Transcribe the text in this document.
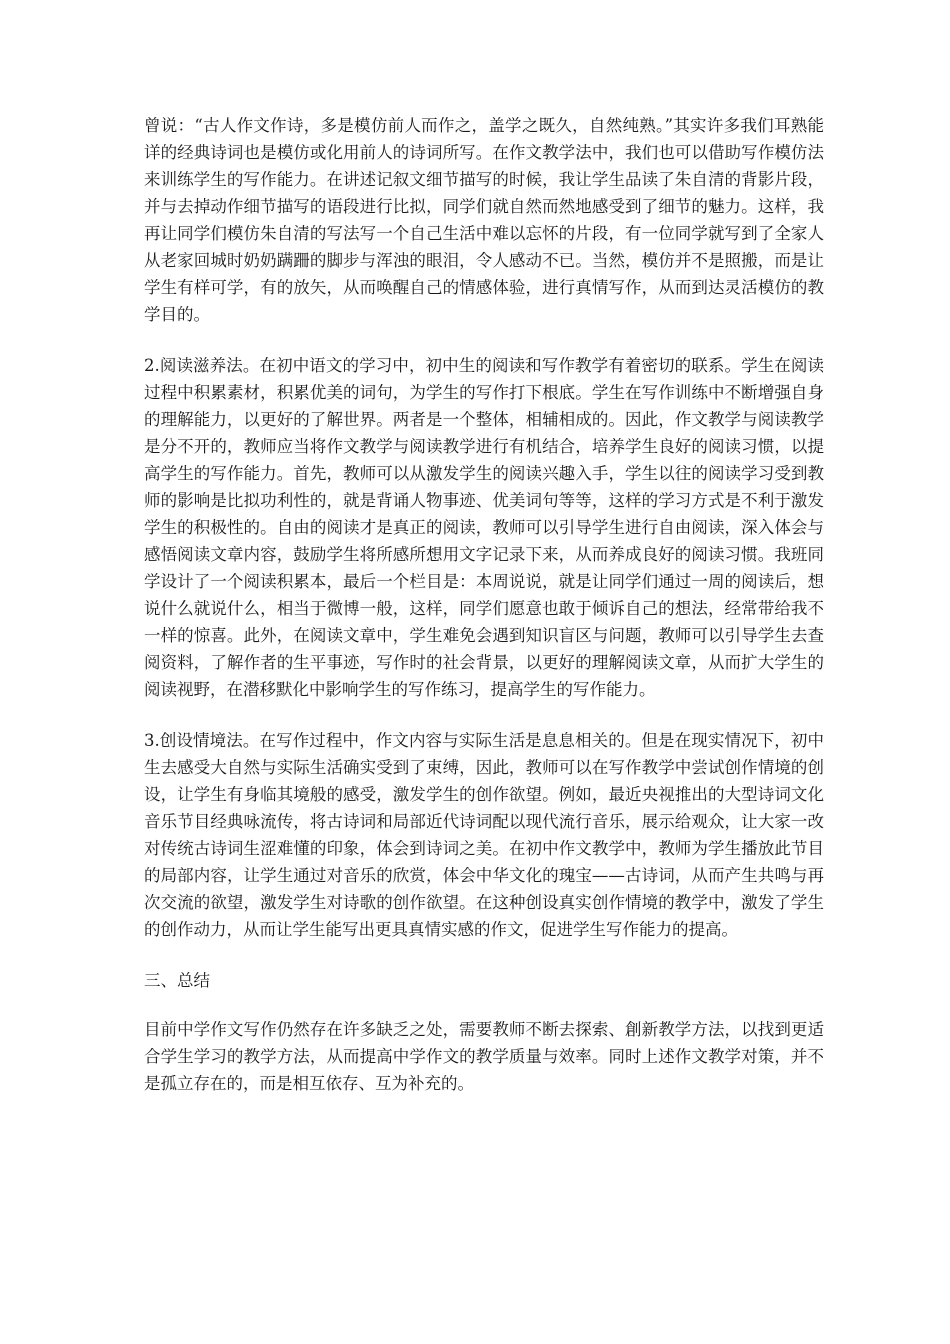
曾说：“古人作文作诗，多是模仿前人而作之，盖学之既久，自然纯熟。”其实许多我们耳熟能详的经典诗词也是模仿或化用前人的诗词所写。在作文教学法中，我们也可以借助写作模仿法来训练学生的写作能力。在讲述记叙文细节描写的时候，我让学生品读了朱自清的背影片段，并与去掉动作细节描写的语段进行比拟，同学们就自然而然地感受到了细节的魅力。这样，我再让同学们模仿朱自清的写法写一个自己生活中难以忘怀的片段，有一位同学就写到了全家人从老家回城时奶奶蹒跚的脚步与浑浊的眼泪，令人感动不已。当然，模仿并不是照搬，而是让学生有样可学，有的放矢，从而唤醒自己的情感体验，进行真情写作，从而到达灵活模仿的教学目的。

2.阅读滋养法。在初中语文的学习中，初中生的阅读和写作教学有着密切的联系。学生在阅读过程中积累素材，积累优美的词句，为学生的写作打下根底。学生在写作训练中不断增强自身的理解能力，以更好的了解世界。两者是一个整体，相辅相成的。因此，作文教学与阅读教学是分不开的，教师应当将作文教学与阅读教学进行有机结合，培养学生良好的阅读习惯，以提高学生的写作能力。首先，教师可以从激发学生的阅读兴趣入手，学生以往的阅读学习受到教师的影响是比拟功利性的，就是背诵人物事迹、优美词句等等，这样的学习方式是不利于激发学生的积极性的。自由的阅读才是真正的阅读，教师可以引导学生进行自由阅读，深入体会与感悟阅读文章内容，鼓励学生将所感所想用文字记录下来，从而养成良好的阅读习惯。我班同学设计了一个阅读积累本，最后一个栏目是：本周说说，就是让同学们通过一周的阅读后，想说什么就说什么，相当于微博一般，这样，同学们愿意也敢于倾诉自己的想法，经常带给我不一样的惊喜。此外，在阅读文章中，学生难免会遇到知识盲区与问题，教师可以引导学生去查阅资料，了解作者的生平事迹，写作时的社会背景，以更好的理解阅读文章，从而扩大学生的阅读视野，在潜移默化中影响学生的写作练习，提高学生的写作能力。

3.创设情境法。在写作过程中，作文内容与实际生活是息息相关的。但是在现实情况下，初中生去感受大自然与实际生活确实受到了束缚，因此，教师可以在写作教学中尝试创作情境的创设，让学生有身临其境般的感受，激发学生的创作欲望。例如，最近央视推出的大型诗词文化音乐节目经典咏流传，将古诗词和局部近代诗词配以现代流行音乐，展示给观众，让大家一改对传统古诗词生涩难懂的印象，体会到诗词之美。在初中作文教学中，教师为学生播放此节目的局部内容，让学生通过对音乐的欣赏，体会中华文化的瑰宝——古诗词，从而产生共鸣与再次交流的欲望，激发学生对诗歌的创作欲望。在这种创设真实创作情境的教学中，激发了学生的创作动力，从而让学生能写出更具真情实感的作文，促进学生写作能力的提高。

三、总结

目前中学作文写作仍然存在许多缺乏之处，需要教师不断去探索、創新教学方法，以找到更适合学生学习的教学方法，从而提高中学作文的教学质量与效率。同时上述作文教学对策，并不是孤立存在的，而是相互依存、互为补充的。
